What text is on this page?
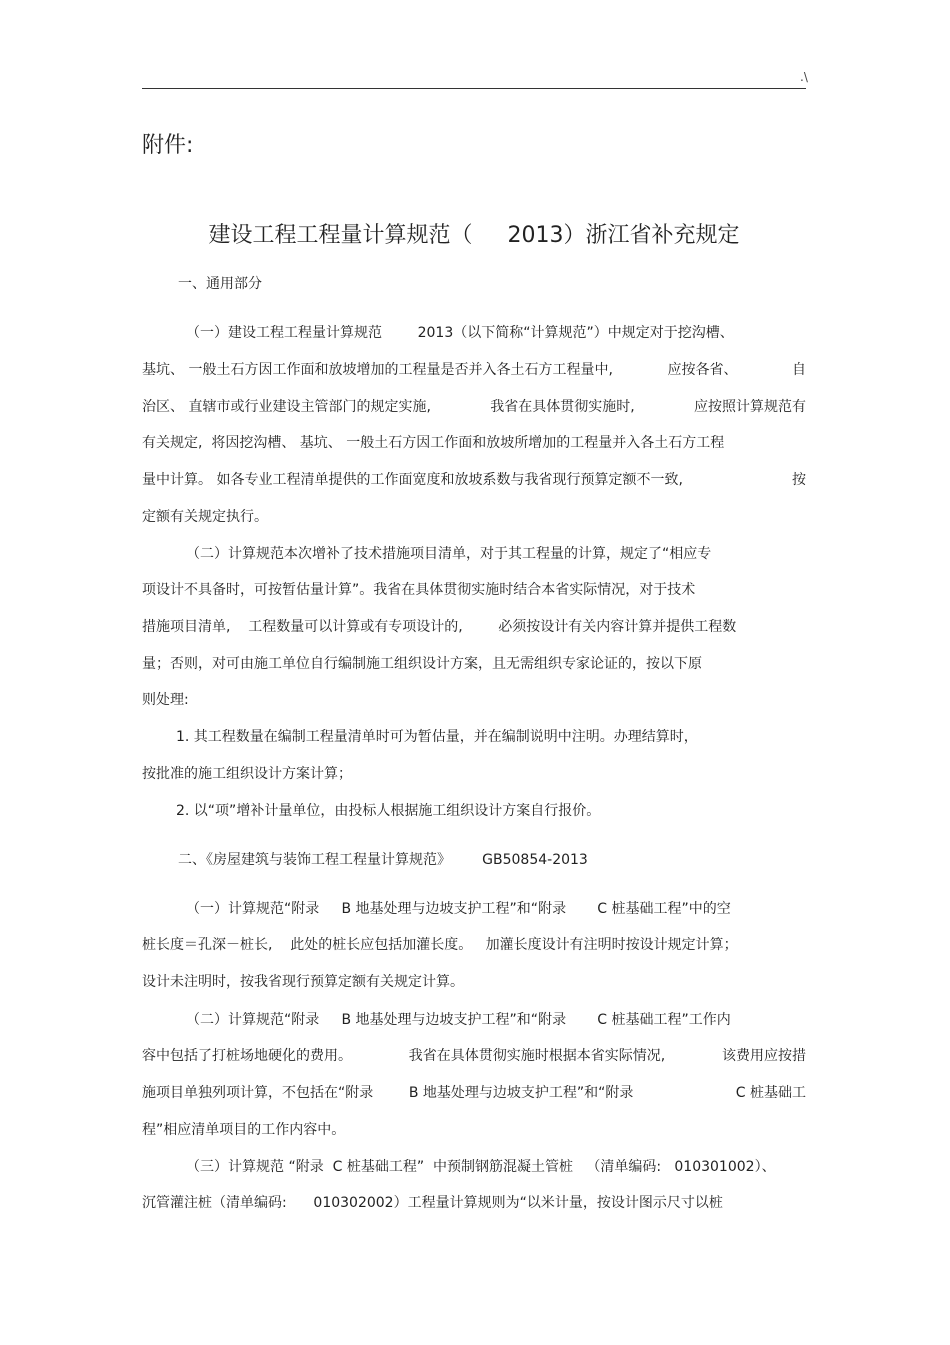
.\
附件:
建设工程工程量计算规范（     2013）浙江省补充规定
一、通用部分
（一）建设工程工程量计算规范        2013（以下简称“计算规范”）中规定对于挖沟槽、
基坑、 一般土石方因工作面和放坡增加的工程量是否并入各土石方工程量中,	应按各省、	自
治区、 直辖市或行业建设主管部门的规定实施,	我省在具体贯彻实施时,	应按照计算规范有
有关规定,  将因挖沟槽、 基坑、 一般土石方因工作面和放坡所增加的工程量并入各土石方工程
量中计算。 如各专业工程清单提供的工作面宽度和放坡系数与我省现行预算定额不一致,	按
定额有关规定执行。
（二）计算规范本次增补了技术措施项目清单，对于其工程量的计算，规定了“相应专
项设计不具备时，可按暂估量计算”。我省在具体贯彻实施时结合本省实际情况，对于技术
措施项目清单,    工程数量可以计算或有专项设计的,        必须按设计有关内容计算并提供工程数
量；否则，对可由施工单位自行编制施工组织设计方案，且无需组织专家论证的，按以下原
则处理:
1. 其工程数量在编制工程量清单时可为暂估量，并在编制说明中注明。办理结算时，
按批准的施工组织设计方案计算；
2. 以“项”增补计量单位，由投标人根据施工组织设计方案自行报价。
二、《房屋建筑与装饰工程工程量计算规范》       GB50854-2013
（一）计算规范“附录     B 地基处理与边坡支护工程”和“附录       C 桩基础工程”中的空
桩长度＝孔深－桩长,    此处的桩长应包括加灌长度。   加灌长度设计有注明时按设计规定计算；
设计未注明时，按我省现行预算定额有关规定计算。
（二）计算规范“附录     B 地基处理与边坡支护工程”和“附录       C 桩基础工程”工作内
容中包括了打桩场地硬化的费用。	我省在具体贯彻实施时根据本省实际情况,	该费用应按措
施项目单独列项计算，不包括在“附录        B 地基处理与边坡支护工程”和“附录	C 桩基础工
程”相应清单项目的工作内容中。
（三）计算规范 “附录  C 桩基础工程”  中预制钢筋混凝土管桩   （清单编码:   010301002）、
沉管灌注桩（清单编码:      010302002）工程量计算规则为“以米计量，按设计图示尺寸以桩
